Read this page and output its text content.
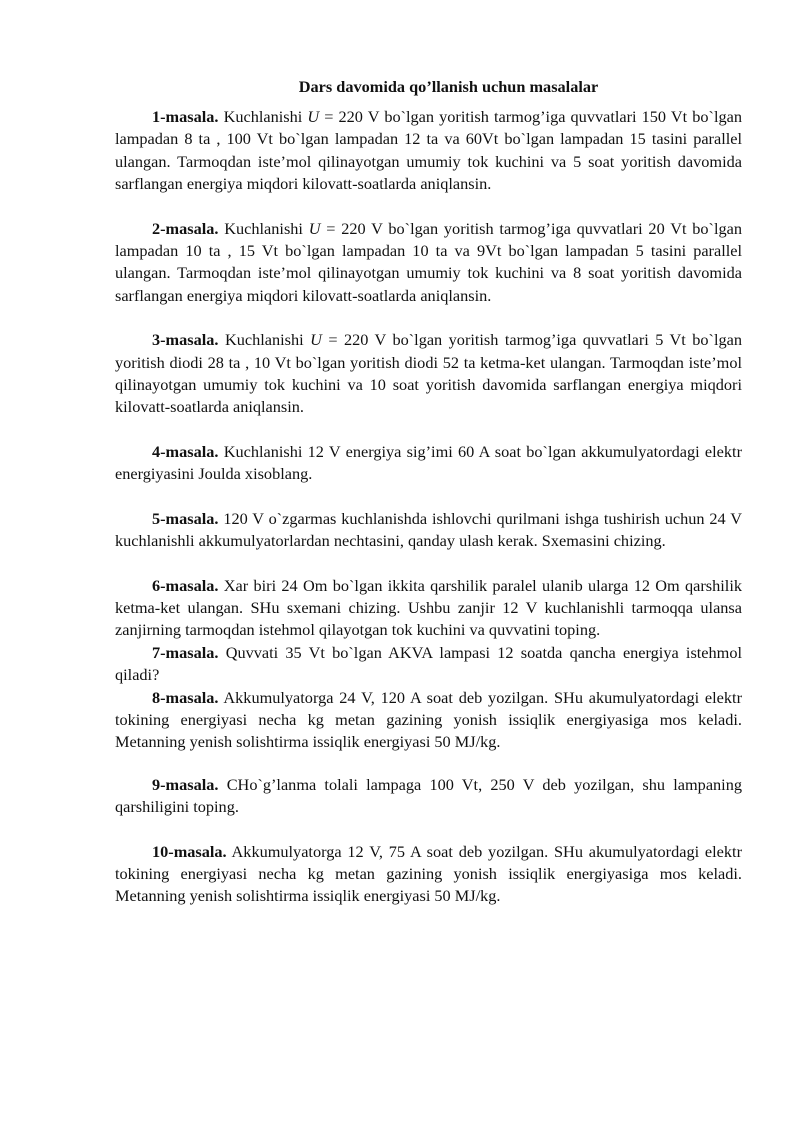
Dars davomida qo’llanish uchun masalalar

1-masala. Kuchlanishi U = 220 V bo`lgan yoritish tarmog’iga quvvatlari 150 Vt bo`lgan lampadan 8 ta , 100 Vt bo`lgan lampadan 12 ta va 60Vt bo`lgan lampadan 15 tasini parallel ulangan. Tarmoqdan iste’mol qilinayotgan umumiy tok kuchini va 5 soat yoritish davomida sarflangan energiya miqdori kilovatt-soatlarda aniqlansin.

2-masala. Kuchlanishi U = 220 V bo`lgan yoritish tarmog’iga quvvatlari 20 Vt bo`lgan lampadan 10 ta , 15 Vt bo`lgan lampadan 10 ta va 9Vt bo`lgan lampadan 5 tasini parallel ulangan. Tarmoqdan iste’mol qilinayotgan umumiy tok kuchini va 8 soat yoritish davomida sarflangan energiya miqdori kilovatt-soatlarda aniqlansin.

3-masala. Kuchlanishi U = 220 V bo`lgan yoritish tarmog’iga quvvatlari 5 Vt bo`lgan yoritish diodi 28 ta , 10 Vt bo`lgan yoritish diodi 52 ta ketma-ket ulangan. Tarmoqdan iste’mol qilinayotgan umumiy tok kuchini va 10 soat yoritish davomida sarflangan energiya miqdori kilovatt-soatlarda aniqlansin.

4-masala. Kuchlanishi 12 V energiya sig’imi 60 A soat bo`lgan akkumulyatordagi elektr energiyasini Joulda xisoblang.

5-masala. 120 V o`zgarmas kuchlanishda ishlovchi qurilmani ishga tushirish uchun 24 V kuchlanishli akkumulyatorlardan nechtasini, qanday ulash kerak. Sxemasini chizing.

6-masala. Xar biri 24 Om bo`lgan ikkita qarshilik paralel ulanib ularga 12 Om qarshilik ketma-ket ulangan. SHu sxemani chizing. Ushbu zanjir 12 V kuchlanishli tarmoqqa ulansa zanjirning tarmoqdan istehmol qilayotgan tok kuchini va quvvatini toping.

7-masala. Quvvati 35 Vt bo`lgan AKVA lampasi 12 soatda qancha energiya istehmol qiladi?

8-masala. Akkumulyatorga 24 V, 120 A soat deb yozilgan. SHu akumulyatordagi elektr tokining energiyasi necha kg metan gazining yonish issiqlik energiyasiga mos keladi. Metanning yenish solishtirma issiqlik energiyasi 50 MJ/kg.

9-masala. CHo`g’lanma tolali lampaga 100 Vt, 250 V deb yozilgan, shu lampaning qarshiligini toping.

10-masala. Akkumulyatorga 12 V, 75 A soat deb yozilgan. SHu akumulyatordagi elektr tokining energiyasi necha kg metan gazining yonish issiqlik energiyasiga mos keladi. Metanning yenish solishtirma issiqlik energiyasi 50 MJ/kg.
